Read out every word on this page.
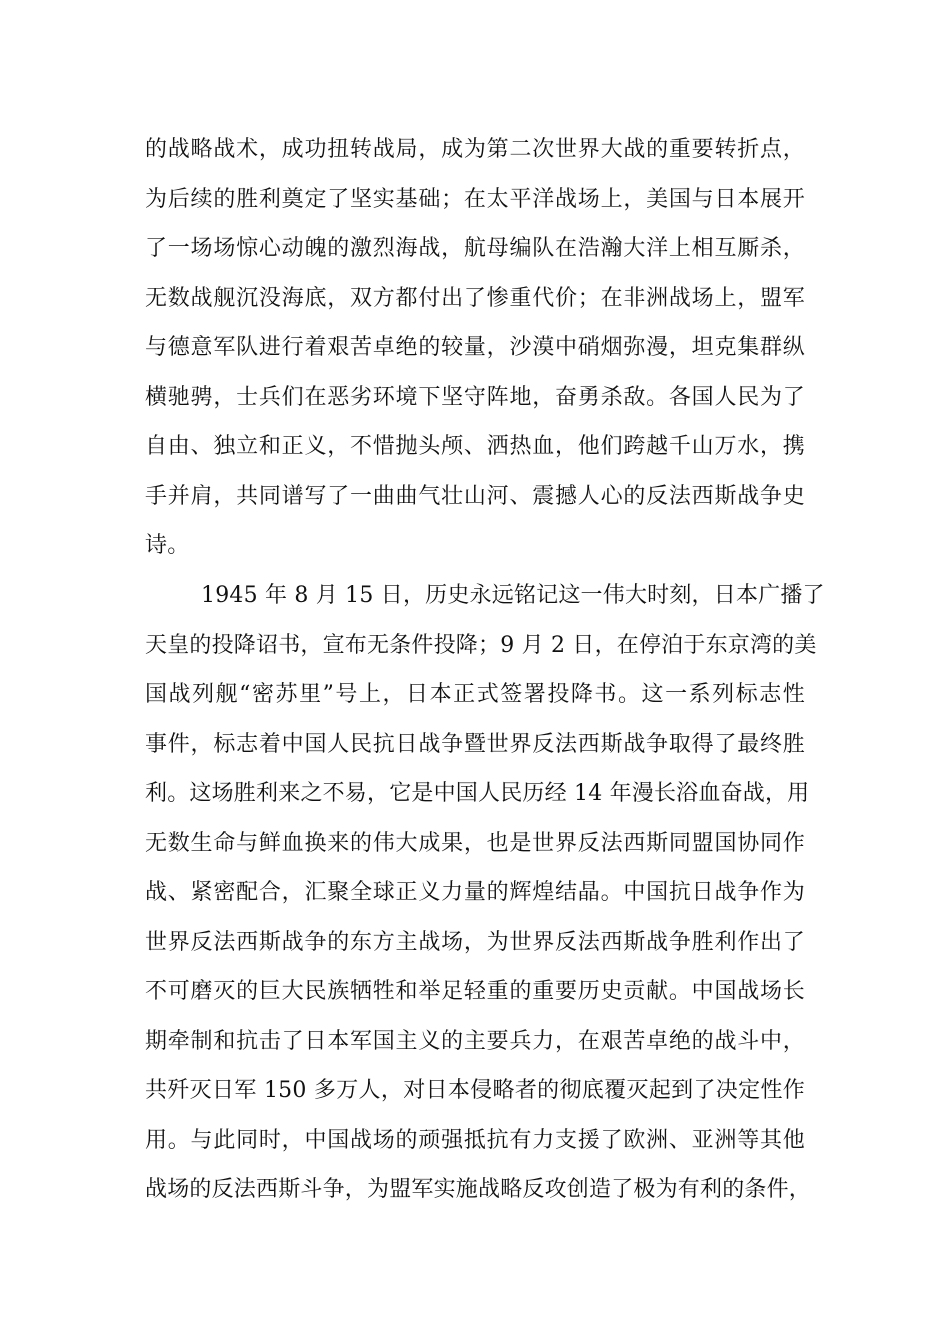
的战略战术，成功扭转战局，成为第二次世界大战的重要转折点，
为后续的胜利奠定了坚实基础；在太平洋战场上，美国与日本展开
了一场场惊心动魄的激烈海战，航母编队在浩瀚大洋上相互厮杀，
无数战舰沉没海底，双方都付出了惨重代价；在非洲战场上，盟军
与德意军队进行着艰苦卓绝的较量，沙漠中硝烟弥漫，坦克集群纵
横驰骋，士兵们在恶劣环境下坚守阵地，奋勇杀敌。各国人民为了
自由、独立和正义，不惜抛头颅、洒热血，他们跨越千山万水，携
手并肩，共同谱写了一曲曲气壮山河、震撼人心的反法西斯战争史
诗。
1945 年 8 月 15 日，历史永远铭记这一伟大时刻，日本广播了
天皇的投降诏书，宣布无条件投降；9 月 2 日，在停泊于东京湾的美
国战列舰“密苏里”号上，日本正式签署投降书。这一系列标志性
事件，标志着中国人民抗日战争暨世界反法西斯战争取得了最终胜
利。这场胜利来之不易，它是中国人民历经 14 年漫长浴血奋战，用
无数生命与鲜血换来的伟大成果，也是世界反法西斯同盟国协同作
战、紧密配合，汇聚全球正义力量的辉煌结晶。中国抗日战争作为
世界反法西斯战争的东方主战场，为世界反法西斯战争胜利作出了
不可磨灭的巨大民族牺牲和举足轻重的重要历史贡献。中国战场长
期牵制和抗击了日本军国主义的主要兵力，在艰苦卓绝的战斗中，
共歼灭日军 150 多万人，对日本侵略者的彻底覆灭起到了决定性作
用。与此同时，中国战场的顽强抵抗有力支援了欧洲、亚洲等其他
战场的反法西斯斗争，为盟军实施战略反攻创造了极为有利的条件，
